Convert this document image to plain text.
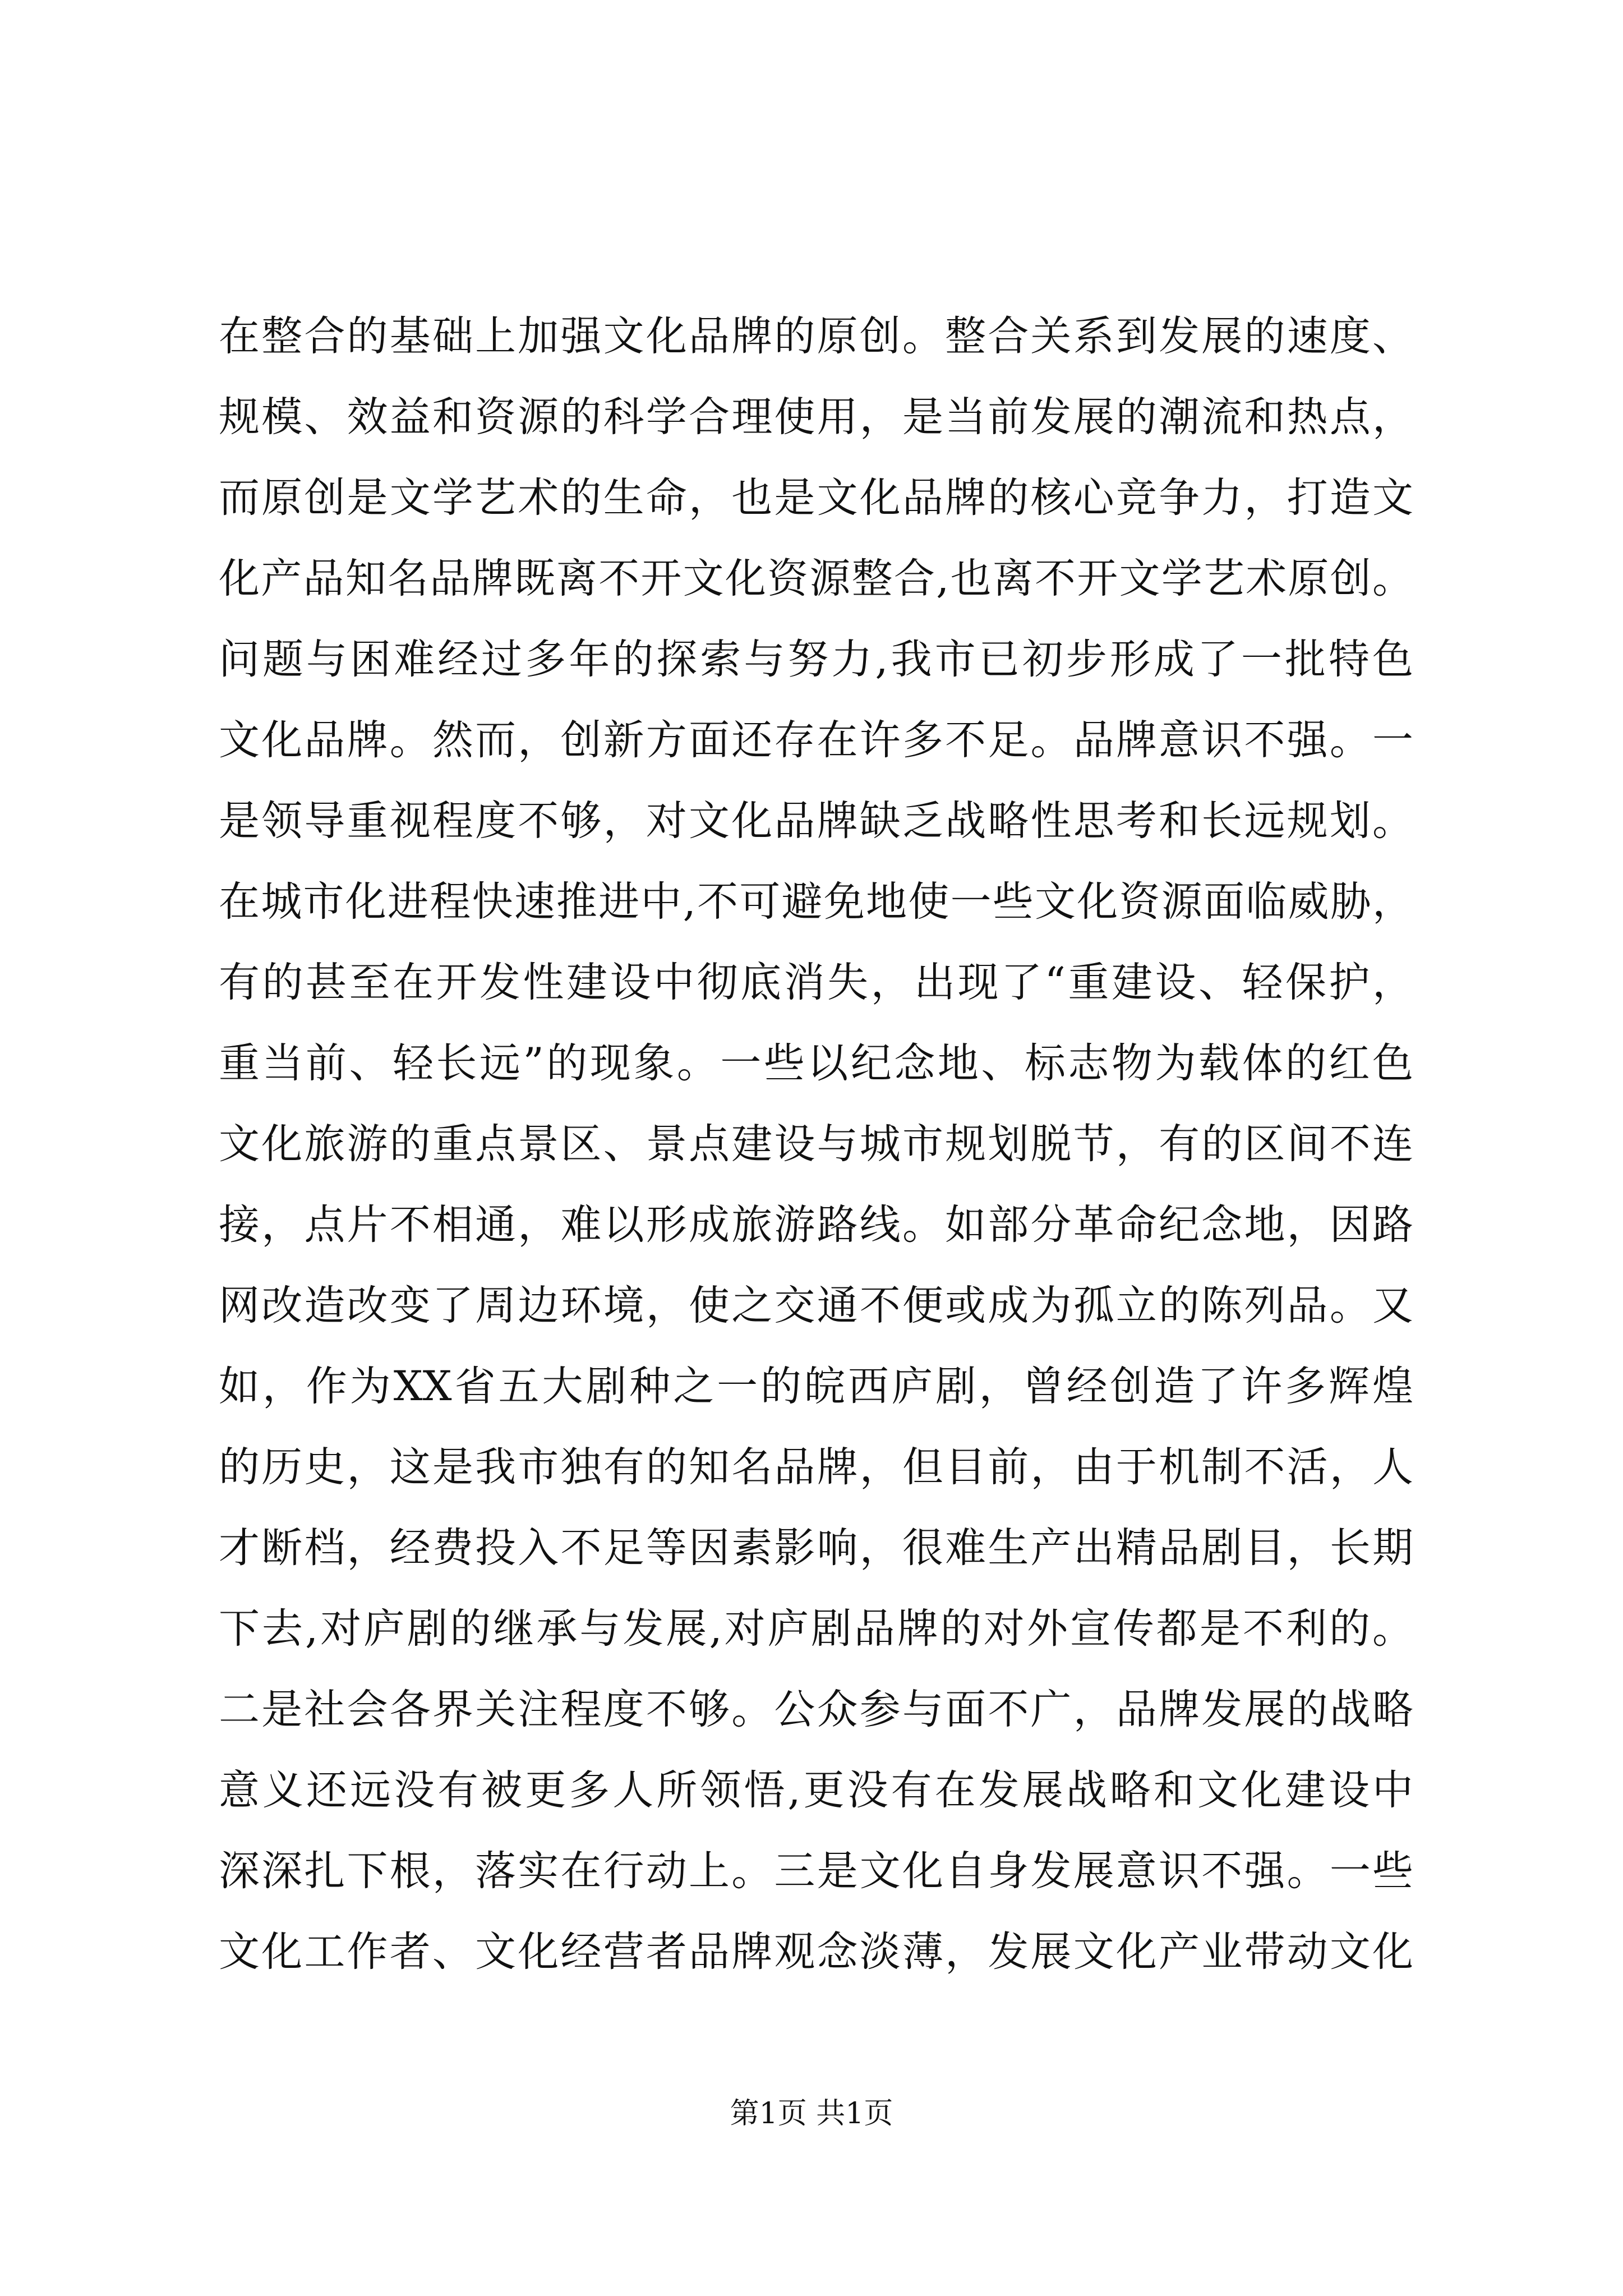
在整合的基础上加强文化品牌的原创。整合关系到发展的速度、
规模、效益和资源的科学合理使用，是当前发展的潮流和热点，
而原创是文学艺术的生命，也是文化品牌的核心竞争力，打造文
化产品知名品牌既离不开文化资源整合,也离不开文学艺术原创。
问题与困难经过多年的探索与努力,我市已初步形成了一批特色
文化品牌。然而，创新方面还存在许多不足。品牌意识不强。一
是领导重视程度不够，对文化品牌缺乏战略性思考和长远规划。
在城市化进程快速推进中,不可避免地使一些文化资源面临威胁，
有的甚至在开发性建设中彻底消失，出现了“重建设、轻保护，
重当前、轻长远”的现象。一些以纪念地、标志物为载体的红色
文化旅游的重点景区、景点建设与城市规划脱节，有的区间不连
接，点片不相通，难以形成旅游路线。如部分革命纪念地，因路
网改造改变了周边环境，使之交通不便或成为孤立的陈列品。又
如，作为XX省五大剧种之一的皖西庐剧，曾经创造了许多辉煌
的历史，这是我市独有的知名品牌，但目前，由于机制不活，人
才断档，经费投入不足等因素影响，很难生产出精品剧目，长期
下去,对庐剧的继承与发展,对庐剧品牌的对外宣传都是不利的。
二是社会各界关注程度不够。公众参与面不广，品牌发展的战略
意义还远没有被更多人所领悟,更没有在发展战略和文化建设中
深深扎下根，落实在行动上。三是文化自身发展意识不强。一些
文化工作者、文化经营者品牌观念淡薄，发展文化产业带动文化
第1页 共1页
